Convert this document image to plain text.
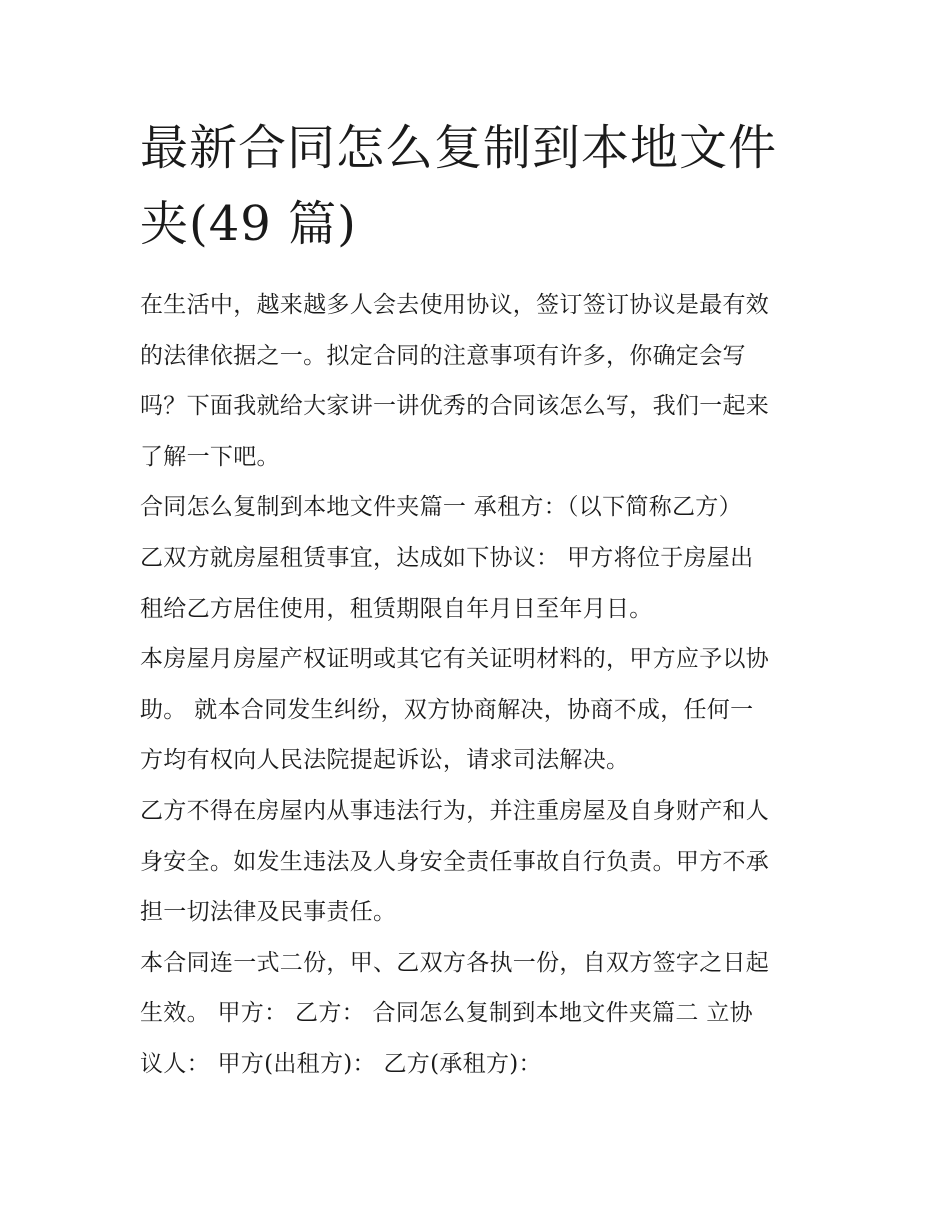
最新合同怎么复制到本地文件
夹(49 篇)

在生活中，越来越多人会去使用协议，签订签订协议是最有效
的法律依据之一。拟定合同的注意事项有许多，你确定会写
吗？下面我就给大家讲一讲优秀的合同该怎么写，我们一起来
了解一下吧。

合同怎么复制到本地文件夹篇一 承租方：（以下简称乙方）
乙双方就房屋租赁事宜，达成如下协议： 甲方将位于房屋出
租给乙方居住使用，租赁期限自年月日至年月日。

本房屋月房屋产权证明或其它有关证明材料的，甲方应予以协
助。 就本合同发生纠纷，双方协商解决，协商不成，任何一
方均有权向人民法院提起诉讼，请求司法解决。

乙方不得在房屋内从事违法行为，并注重房屋及自身财产和人
身安全。如发生违法及人身安全责任事故自行负责。甲方不承
担一切法律及民事责任。

本合同连一式二份，甲、乙双方各执一份，自双方签字之日起
生效。 甲方： 乙方： 合同怎么复制到本地文件夹篇二 立协
议人： 甲方(出租方)： 乙方(承租方)：
